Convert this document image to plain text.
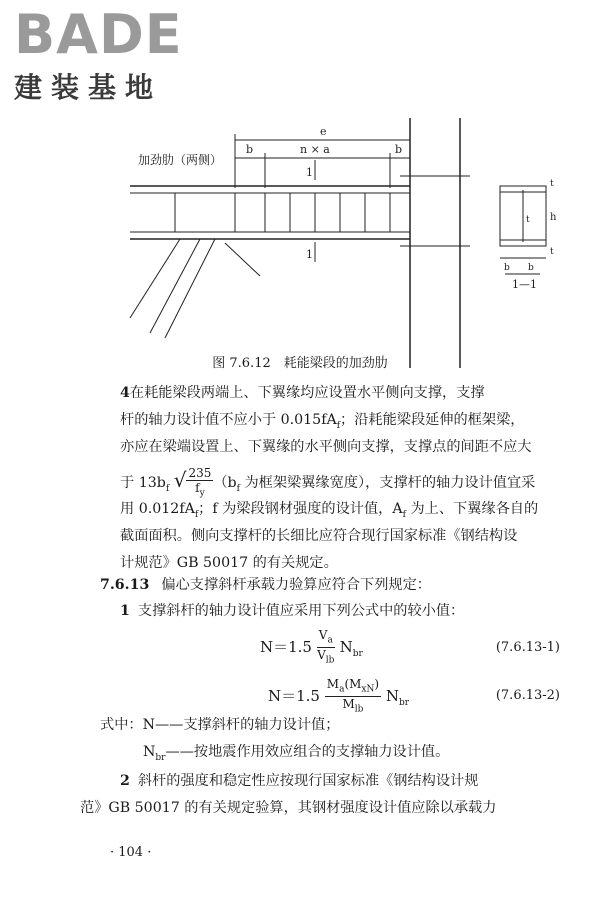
BADE
建装基地
e
b	n × a	b
加劲肋（两侧）
1
1
t h
b b
t
t
1—1
图 7.6.12　耗能梁段的加劲肋
4在耗能梁段两端上、下翼缘均应设置水平侧向支撑，支撑
杆的轴力设计值不应小于 $0.015fA_f$；沿耗能梁段延伸的框架梁，
亦应在梁端设置上、下翼缘的水平侧向支撑，支撑点的间距不应大
于 $13b_f$ √ $\frac{235}{f_y} (b_f$ 为框架梁翼缘宽度），支撑杆的轴力设计值宜采
用 $0.012fA_f$；f 为梁段钢材强度的设计值，$A_f$ 为上、下翼缘各自的
截面面积。侧向支撑杆的长细比应符合现行国家标准《钢结构设
计规范》GB 50017 的有关规定。
7.6.13 偏心支撑斜杆承载力验算应符合下列规定：
1 支撑斜杆的轴力设计值应采用下列公式中的较小值：
$N=1.5 \frac{V_a}{V_{lb}} N_{br}$	(7.6.13-1)
$N=1.5 \frac{M_a(M_{xN})}{M_{lb}} N_{br}$	(7.6.13-2)
式中：N——支撑斜杆的轴力设计值；
$N_{br}——$按地震作用效应组合的支撑轴力设计值。
2 斜杆的强度和稳定性应按现行国家标准《钢结构设计规
范》GB 50017 的有关规定验算，其钢材强度设计值应除以承载力
· 104 ·
